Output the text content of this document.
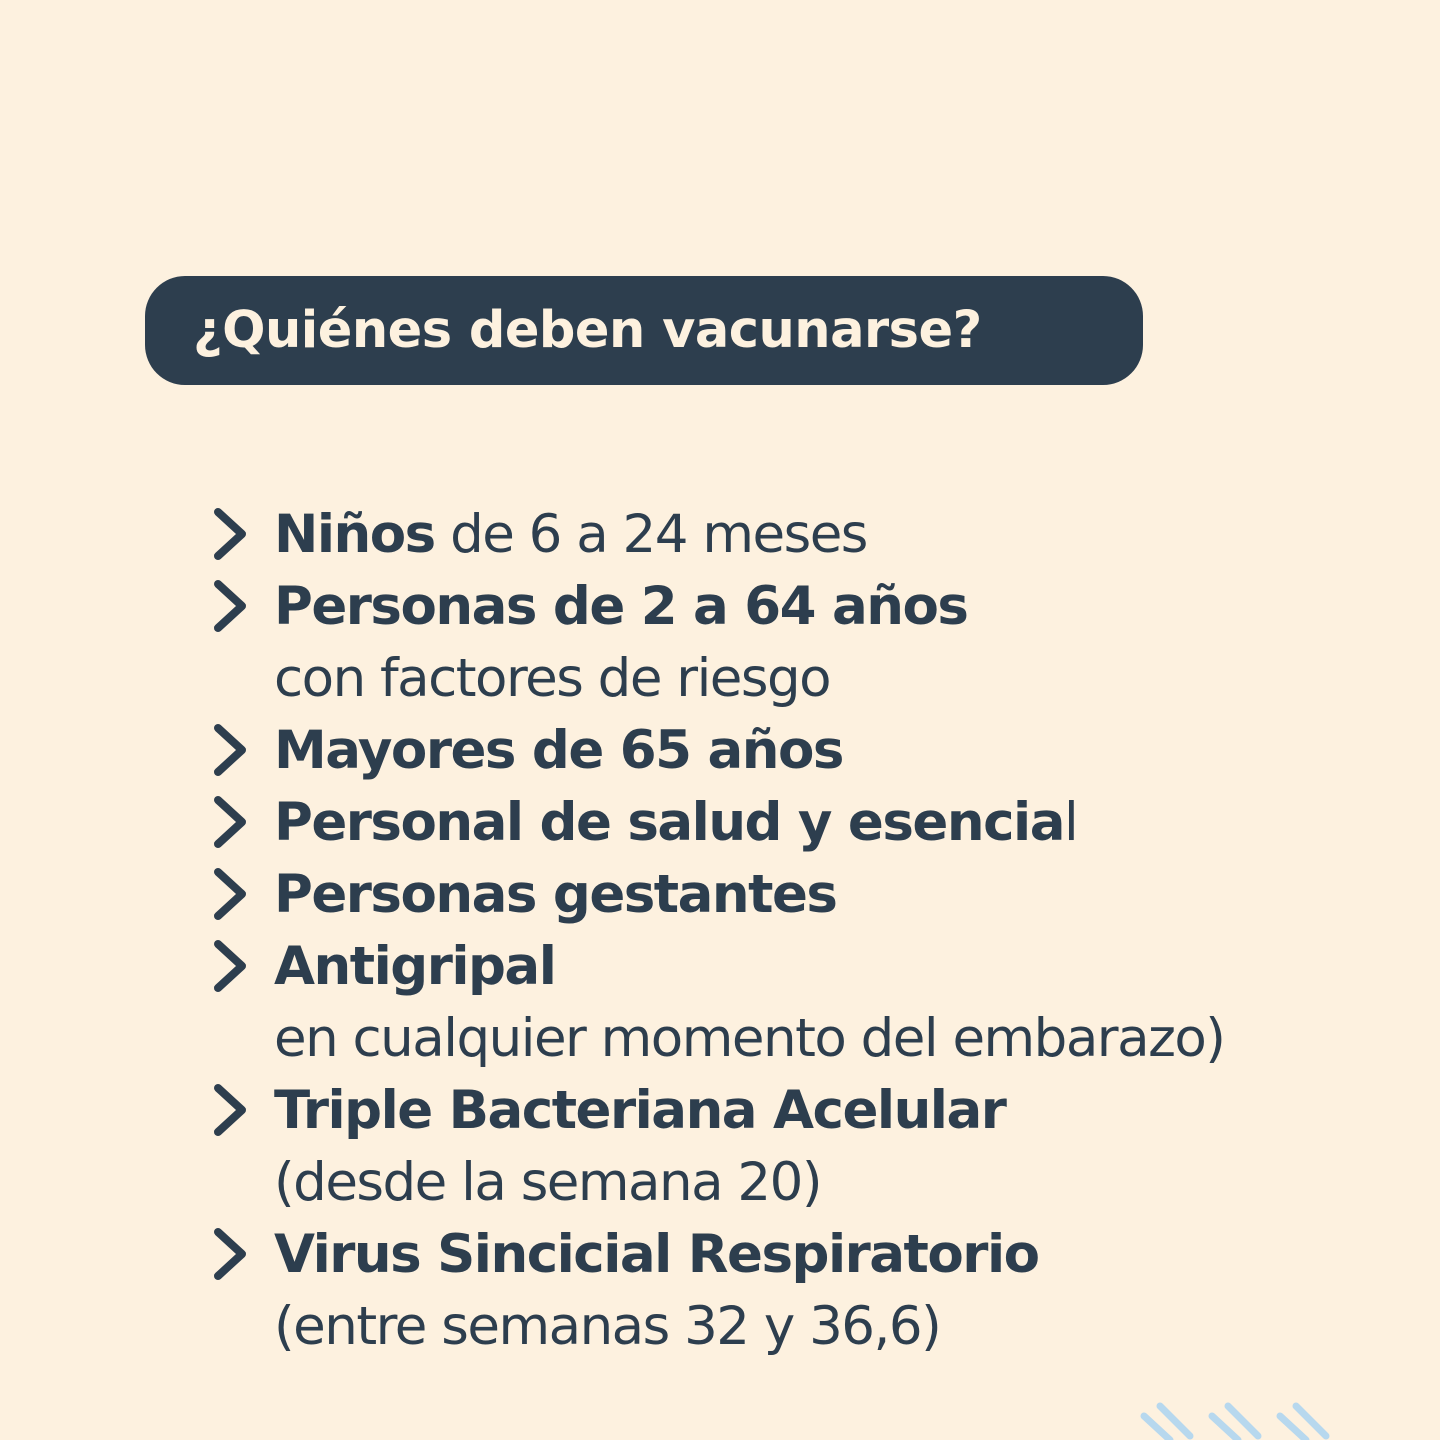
¿Quiénes deben vacunarse?
Niños de 6 a 24 meses
Personas de 2 a 64 años
con factores de riesgo
Mayores de 65 años
Personal de salud y esencial
Personas gestantes
Antigripal
en cualquier momento del embarazo)
Triple Bacteriana Acelular
(desde la semana 20)
Virus Sincicial Respiratorio
(entre semanas 32 y 36,6)
